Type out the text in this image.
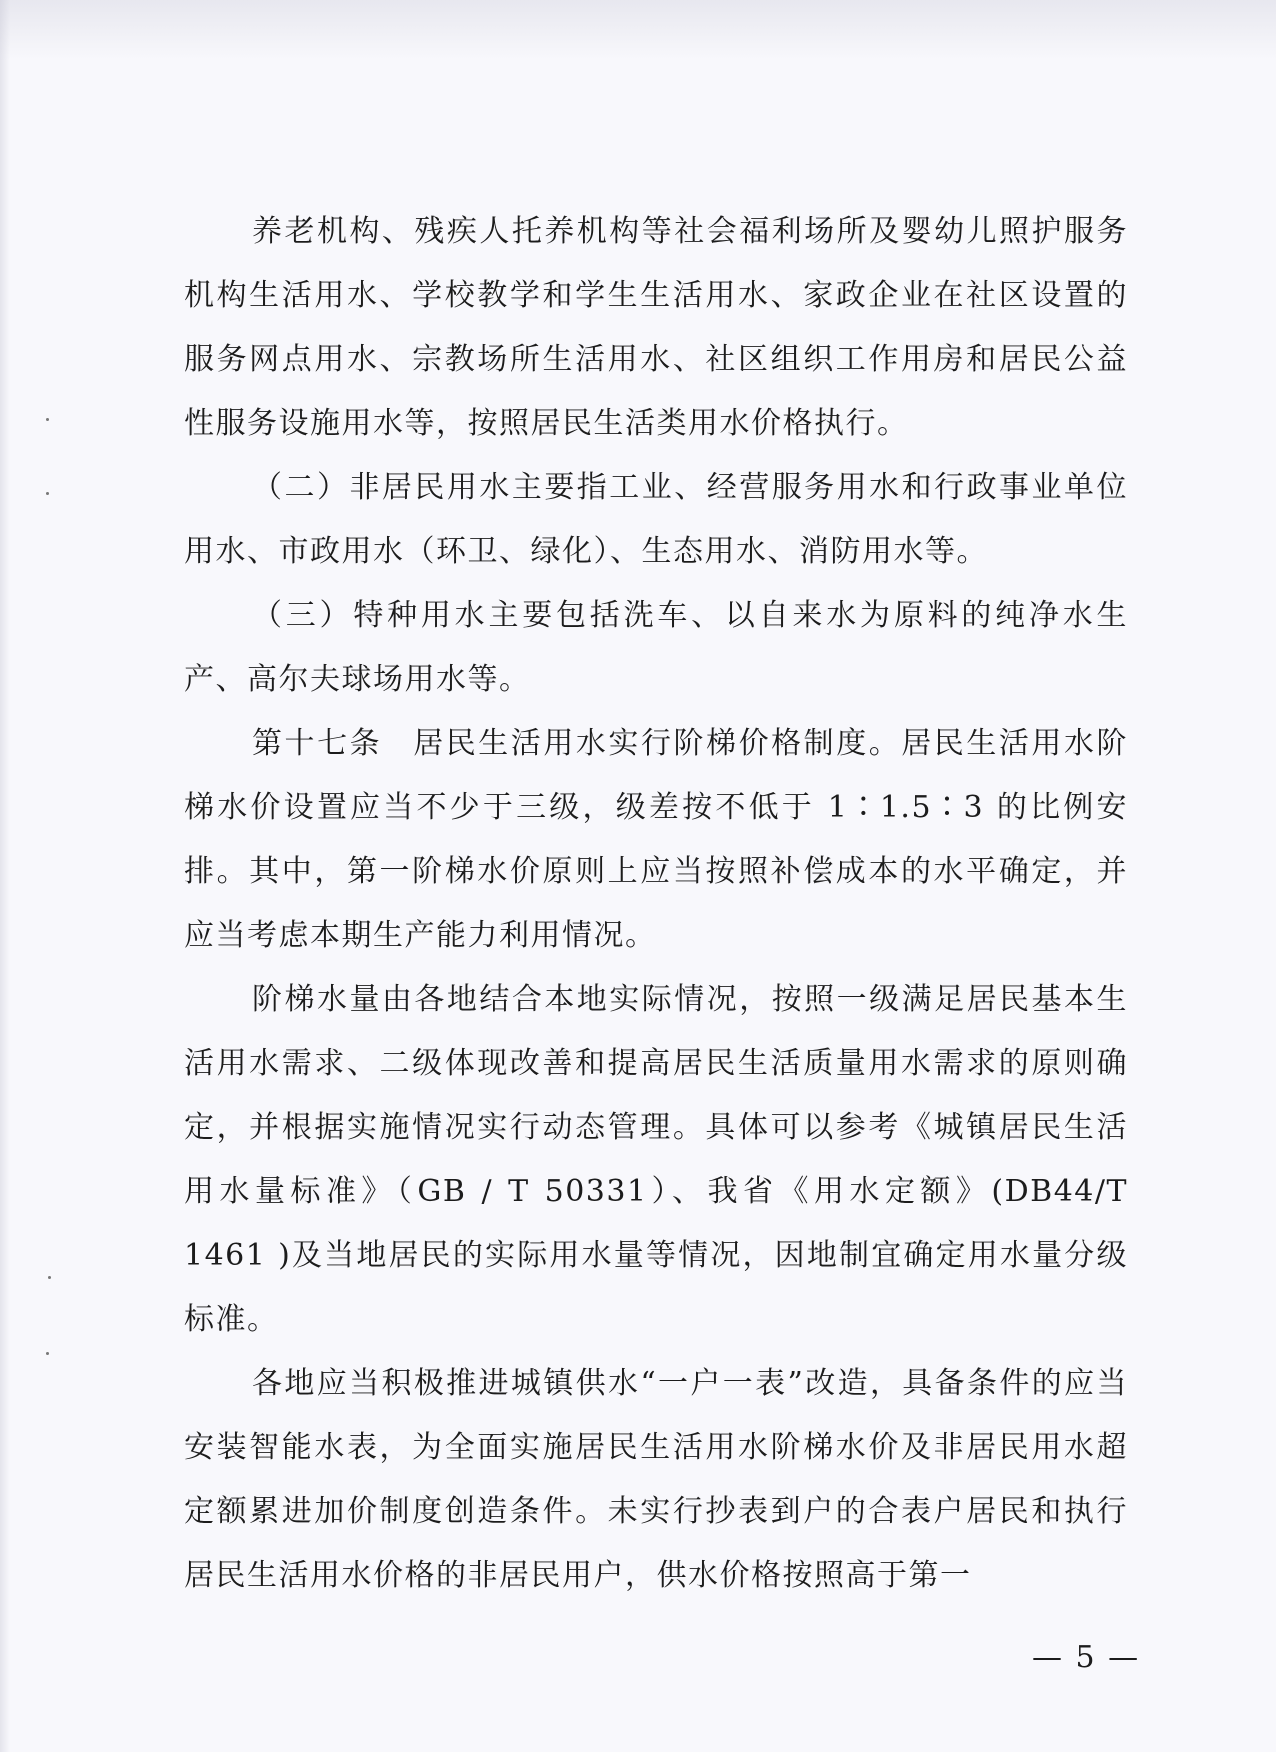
养老机构、残疾人托养机构等社会福利场所及婴幼儿照护服务机构生活用水、学校教学和学生生活用水、家政企业在社区设置的服务网点用水、宗教场所生活用水、社区组织工作用房和居民公益性服务设施用水等，按照居民生活类用水价格执行。

（二）非居民用水主要指工业、经营服务用水和行政事业单位用水、市政用水（环卫、绿化）、生态用水、消防用水等。

（三）特种用水主要包括洗车、以自来水为原料的纯净水生产、高尔夫球场用水等。

第十七条 居民生活用水实行阶梯价格制度。居民生活用水阶梯水价设置应当不少于三级，级差按不低于 1∶1.5∶3 的比例安排。其中，第一阶梯水价原则上应当按照补偿成本的水平确定，并应当考虑本期生产能力利用情况。

阶梯水量由各地结合本地实际情况，按照一级满足居民基本生活用水需求、二级体现改善和提高居民生活质量用水需求的原则确定，并根据实施情况实行动态管理。具体可以参考《城镇居民生活用水量标准》（GB / T 50331）、我省《用水定额》(DB44/T 1461 )及当地居民的实际用水量等情况，因地制宜确定用水量分级标准。

各地应当积极推进城镇供水“一户一表”改造，具备条件的应当安装智能水表，为全面实施居民生活用水阶梯水价及非居民用水超定额累进加价制度创造条件。未实行抄表到户的合表户居民和执行居民生活用水价格的非居民用户，供水价格按照高于第一

— 5 —
